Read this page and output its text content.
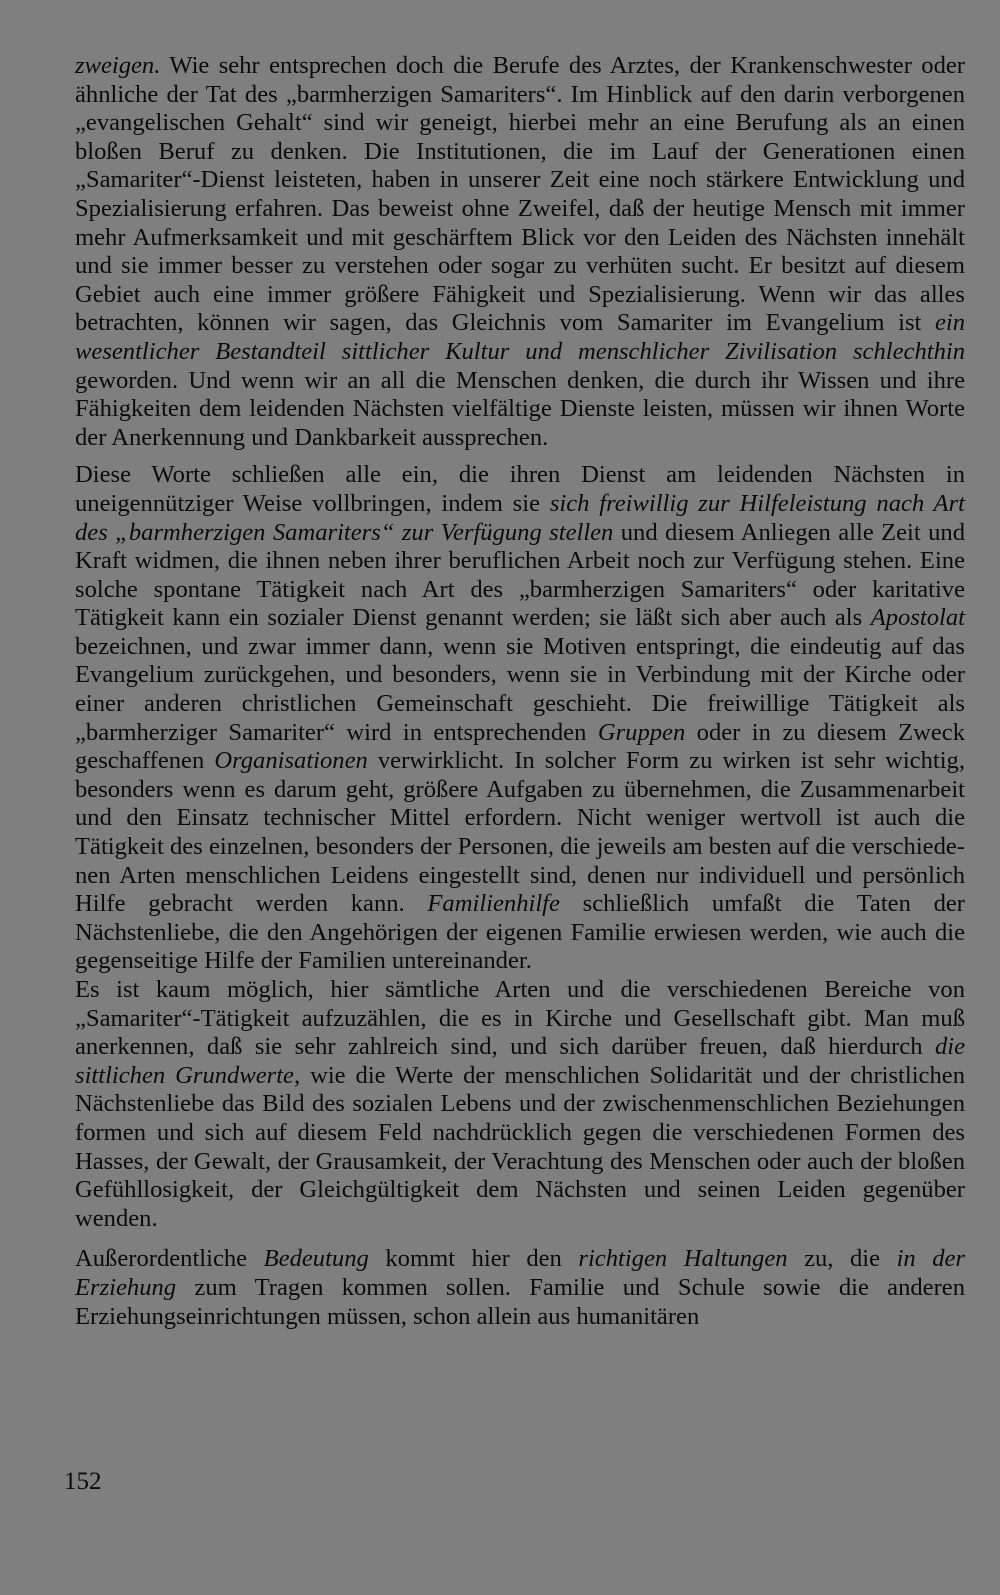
zweigen. Wie sehr entsprechen doch die Berufe des Arztes, der Krankenschwester oder ähnliche der Tat des „barmherzigen Samariters“. Im Hinblick auf den darin verborgenen „evangelischen Gehalt“ sind wir geneigt, hierbei mehr an eine Berufung als an einen bloßen Beruf zu denken. Die Institutionen, die im Lauf der Generationen einen „Samariter“-Dienst leisteten, haben in unserer Zeit eine noch stärkere Entwicklung und Spezialisierung erfahren. Das beweist ohne Zweifel, daß der heutige Mensch mit immer mehr Aufmerksamkeit und mit geschärftem Blick vor den Leiden des Nächsten innehält und sie immer besser zu verstehen oder sogar zu verhüten sucht. Er besitzt auf diesem Gebiet auch eine immer größere Fähigkeit und Spezialisierung. Wenn wir das alles betrachten, können wir sagen, das Gleichnis vom Samariter im Evangelium ist ein wesentlicher Bestandteil sittlicher Kultur und menschlicher Zivilisation schlechthin geworden. Und wenn wir an all die Menschen denken, die durch ihr Wissen und ihre Fähigkeiten dem leidenden Nächsten vielfältige Dienste leisten, müssen wir ihnen Worte der Anerkennung und Dankbarkeit aussprechen.

Diese Worte schließen alle ein, die ihren Dienst am leidenden Nächsten in uneigennütziger Weise vollbringen, indem sie sich freiwillig zur Hilfeleistung nach Art des „barmherzigen Samariters“ zur Verfügung stellen und diesem Anliegen alle Zeit und Kraft widmen, die ihnen neben ihrer beruflichen Arbeit noch zur Verfügung stehen. Eine solche spontane Tätigkeit nach Art des „barmherzigen Samariters“ oder karitative Tätigkeit kann ein sozialer Dienst genannt werden; sie läßt sich aber auch als Apostolat bezeichnen, und zwar immer dann, wenn sie Motiven entspringt, die eindeutig auf das Evangelium zurückgehen, und besonders, wenn sie in Verbindung mit der Kirche oder einer anderen christlichen Gemeinschaft geschieht. Die freiwillige Tätigkeit als „barmherziger Samariter“ wird in entsprechenden Gruppen oder in zu diesem Zweck geschaffenen Organisationen verwirklicht. In solcher Form zu wirken ist sehr wichtig, besonders wenn es darum geht, größere Aufgaben zu übernehmen, die Zusammenarbeit und den Einsatz technischer Mittel erfordern. Nicht weniger wertvoll ist auch die Tätigkeit des einzelnen, besonders der Personen, die jeweils am besten auf die verschiedenen Arten menschlichen Leidens eingestellt sind, denen nur individuell und persönlich Hilfe gebracht werden kann. Familienhilfe schließlich umfaßt die Taten der Nächstenliebe, die den Angehörigen der eigenen Familie erwiesen werden, wie auch die gegenseitige Hilfe der Familien untereinander.

Es ist kaum möglich, hier sämtliche Arten und die verschiedenen Bereiche von „Samariter“-Tätigkeit aufzuzählen, die es in Kirche und Gesellschaft gibt. Man muß anerkennen, daß sie sehr zahlreich sind, und sich darüber freuen, daß hierdurch die sittlichen Grundwerte, wie die Werte der menschlichen Solidarität und der christlichen Nächstenliebe das Bild des sozialen Lebens und der zwischenmenschlichen Beziehungen formen und sich auf diesem Feld nachdrücklich gegen die verschiedenen Formen des Hasses, der Gewalt, der Grausamkeit, der Verachtung des Menschen oder auch der bloßen Gefühllosigkeit, der Gleichgültigkeit dem Nächsten und seinen Leiden gegenüber wenden.

Außerordentliche Bedeutung kommt hier den richtigen Haltungen zu, die in der Erziehung zum Tragen kommen sollen. Familie und Schule sowie die anderen Erziehungseinrichtungen müssen, schon allein aus humanitären

152
